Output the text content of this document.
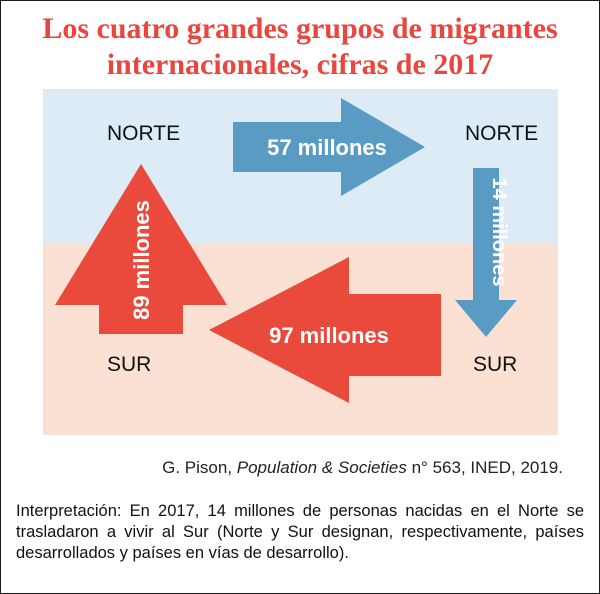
Los cuatro grandes grupos de migrantes
internacionales, cifras de 2017
57 millones
14 millones
97 millones
89 millones
NORTE	NORTE
SUR	SUR
G. Pison, Population & Societies n° 563, INED, 2019.
Interpretación: En 2017, 14 millones de personas nacidas en el Norte se trasladaron a vivir al Sur (Norte y Sur designan, respectivamente, países desarrollados y países en vías de desarrollo).
